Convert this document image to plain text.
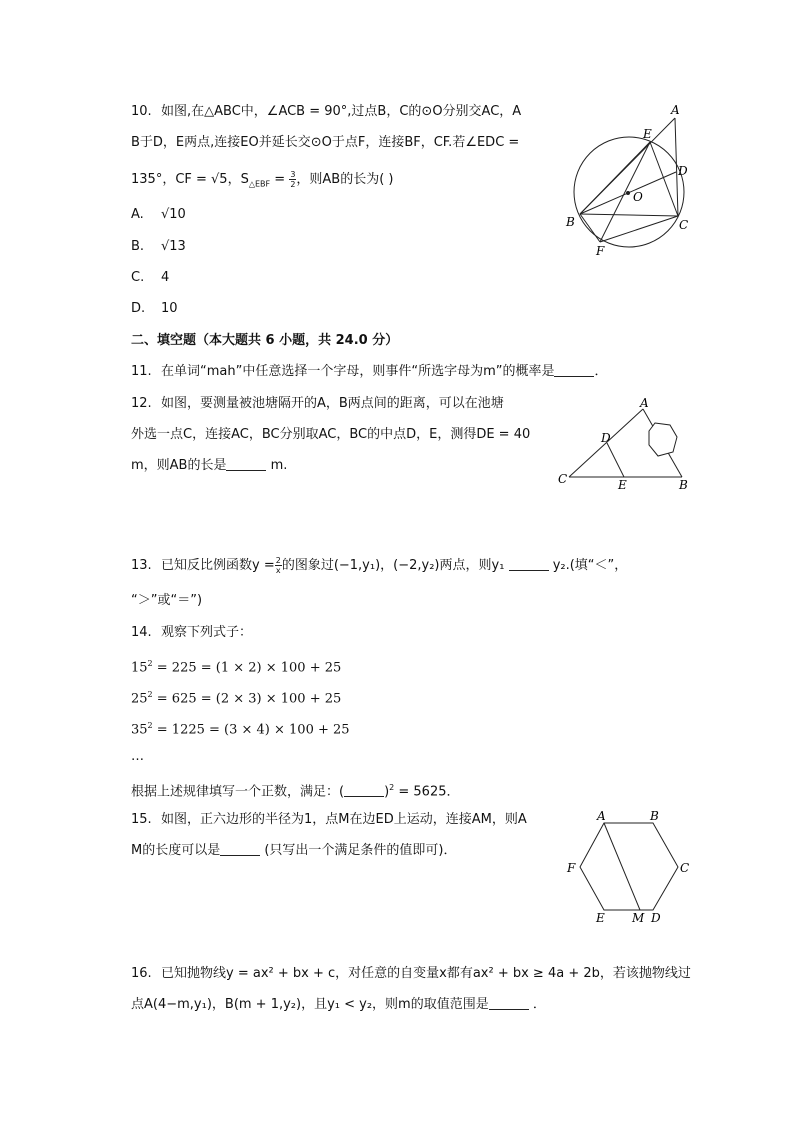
10. 如图,在△ABC中，∠ACB = 90°,过点B，C的⊙O分别交AC，A
B于D，E两点,连接EO并延长交⊙O于点F，连接BF，CF.若∠EDC =
135°，CF = √5，$S_{\triangle EBF} = \frac{3}{2}$ ，则AB的长为( )
A. √10
B. √13
C. 4
D. 10
A
E
D
O
B	C
F
二、填空题（本大题共 6 小题，共 24.0 分）
11. 在单词“mah”中任意选择一个字母，则事件“所选字母为m”的概率是	．
12. 如图，要测量被池塘隔开的A，B两点间的距离，可以在池塘
外选一点C，连接AC，BC分别取AC，BC的中点D，E，测得DE = 40
m，则AB的长是	m.
A
D
C	E	B
13. 已知反比例函数$y = \frac{2}{x}$ 的图象过(−1,y₁)，(−2,y₂)两点，则y₁	y₂.(填“＜”，
“＞”或“＝”)
14. 观察下列式子：
$15^2 = 225 = (1 \times 2) \times 100 + 25$
$25^2 = 625 = (2 \times 3) \times 100 + 25$
$35^2 = 1225 = (3 \times 4) \times 100 + 25$
…
根据上述规律填写一个正数，满足：(	)$^2$ = 5625．
15. 如图，正六边形的半径为1，点M在边ED上运动，连接AM，则A
M的长度可以是	(只写出一个满足条件的值即可)．
A	B
F	C
E M D
16. 已知抛物线y = ax² + bx + c，对任意的自变量x都有ax² + bx ≥ 4a + 2b，若该抛物线过
点A(4−m,y₁)，B(m + 1,y₂)，且y₁ < y₂，则m的取值范围是	．
